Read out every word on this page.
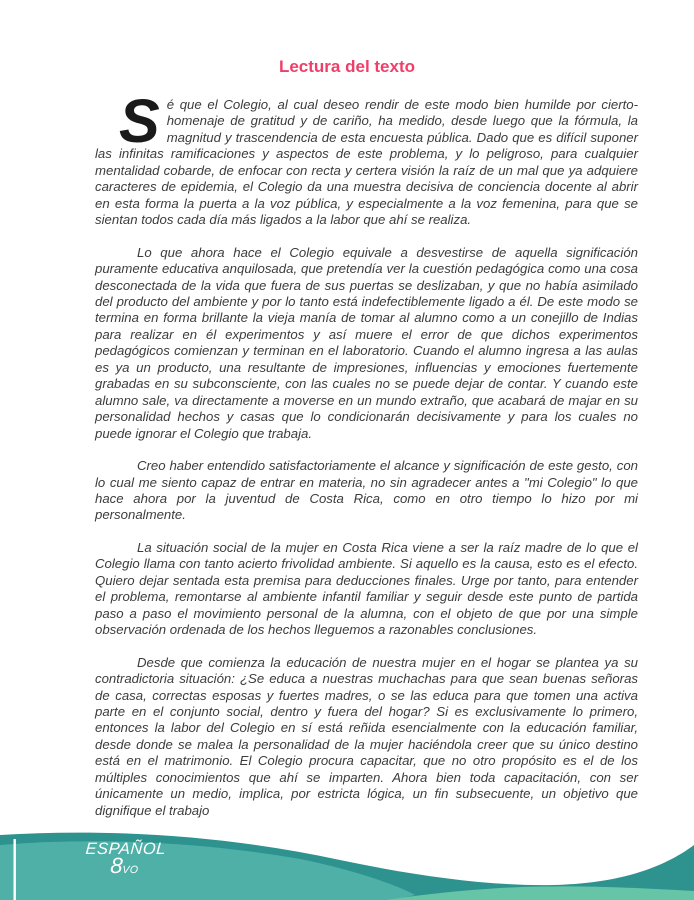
Lectura del texto

Sé que el Colegio, al cual deseo rendir de este modo bien humilde por cierto- homenaje de gratitud y de cariño, ha medido, desde luego que la fórmula, la magnitud y trascendencia de esta encuesta pública. Dado que es difícil suponer las infinitas ramificaciones y aspectos de este problema, y lo peligroso, para cualquier mentalidad cobarde, de enfocar con recta y certera visión la raíz de un mal que ya adquiere caracteres de epidemia, el Colegio da una muestra decisiva de conciencia docente al abrir en esta forma la puerta a la voz pública, y especialmente a la voz femenina, para que se sientan todos cada día más ligados a la labor que ahí se realiza.

Lo que ahora hace el Colegio equivale a desvestirse de aquella significación puramente educativa anquilosada, que pretendía ver la cuestión pedagógica como una cosa desconectada de la vida que fuera de sus puertas se deslizaban, y que no había asimilado del producto del ambiente y por lo tanto está indefectiblemente ligado a él. De este modo se termina en forma brillante la vieja manía de tomar al alumno como a un conejillo de Indias para realizar en él experimentos y así muere el error de que dichos experimentos pedagógicos comienzan y terminan en el laboratorio. Cuando el alumno ingresa a las aulas es ya un producto, una resultante de impresiones, influencias y emociones fuertemente grabadas en su subconsciente, con las cuales no se puede dejar de contar. Y cuando este alumno sale, va directamente a moverse en un mundo extraño, que acabará de majar en su personalidad hechos y casas que lo condicionarán decisivamente y para los cuales no puede ignorar el Colegio que trabaja.

Creo haber entendido satisfactoriamente el alcance y significación de este gesto, con lo cual me siento capaz de entrar en materia, no sin agradecer antes a "mi Colegio" lo que hace ahora por la juventud de Costa Rica, como en otro tiempo lo hizo por mi personalmente.

La situación social de la mujer en Costa Rica viene a ser la raíz madre de lo que el Colegio llama con tanto acierto frivolidad ambiente. Si aquello es la causa, esto es el efecto. Quiero dejar sentada esta premisa para deducciones finales. Urge por tanto, para entender el problema, remontarse al ambiente infantil familiar y seguir desde este punto de partida paso a paso el movimiento personal de la alumna, con el objeto de que por una simple observación ordenada de los hechos lleguemos a razonables conclusiones.

Desde que comienza la educación de nuestra mujer en el hogar se plantea ya su contradictoria situación: ¿Se educa a nuestras muchachas para que sean buenas señoras de casa, correctas esposas y fuertes madres, o se las educa para que tomen una activa parte en el conjunto social, dentro y fuera del hogar? Si es exclusivamente lo primero, entonces la labor del Colegio en sí está reñida esencialmente con la educación familiar, desde donde se malea la personalidad de la mujer haciéndola creer que su único destino está en el matrimonio. El Colegio procura capacitar, que no otro propósito es el de los múltiples conocimientos que ahí se imparten. Ahora bien toda capacitación, con ser únicamente un medio, implica, por estricta lógica, un fin subsecuente, un objetivo que dignifique el trabajo

ESPAÑOL
8VO
151
